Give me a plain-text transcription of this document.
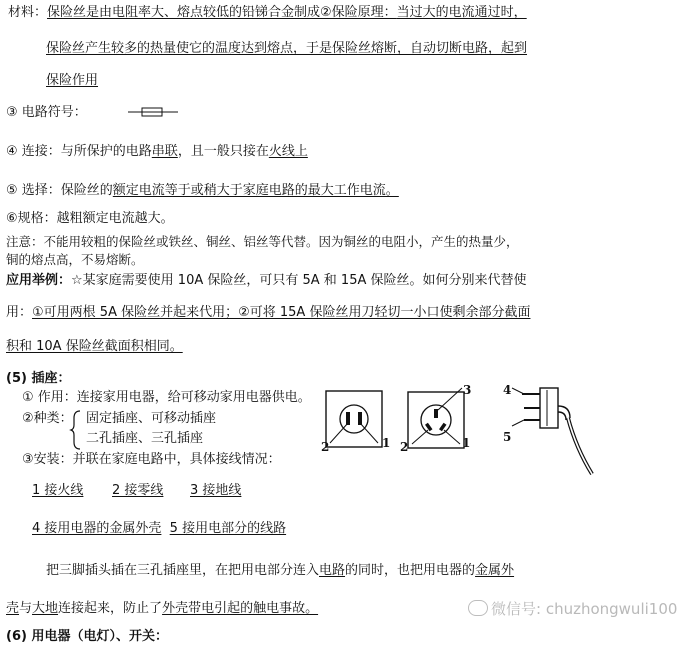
材料：保险丝是由电阻率大、熔点较低的铅锑合金制成②保险原理：当过大的电流通过时，
保险丝产生较多的热量使它的温度达到熔点，于是保险丝熔断，自动切断电路，起到
保险作用
③ 电路符号：
④ 连接：与所保护的电路串联，且一般只接在火线上
⑤ 选择：保险丝的额定电流等于或稍大于家庭电路的最大工作电流。
⑥规格：越粗额定电流越大。
注意：不能用较粗的保险丝或铁丝、铜丝、铝丝等代替。因为铜丝的电阻小，产生的热量少，
铜的熔点高，不易熔断。
应用举例：☆某家庭需要使用 10A 保险丝，可只有 5A 和 15A 保险丝。如何分别来代替使
用：①可用两根 5A 保险丝并起来代用；②可将 15A 保险丝用刀轻切一小口使剩余部分截面
积和 10A 保险丝截面积相同。
(5) 插座：
① 作用：连接家用电器，给可移动家用电器供电。
②种类： 固定插座、可移动插座
二孔插座、三孔插座
③安装：并联在家庭电路中，具体接线情况：
1 接火线 2 接零线 3 接地线
4 接用电器的金属外壳 5 接用电部分的线路
把三脚插头插在三孔插座里，在把用电部分连入电路的同时，也把用电器的金属外
壳与大地连接起来，防止了外壳带电引起的触电事故。
(6) 用电器（电灯）、开关：
2	1 2	1
3	4
5
微信号: chuzhongwuli100
